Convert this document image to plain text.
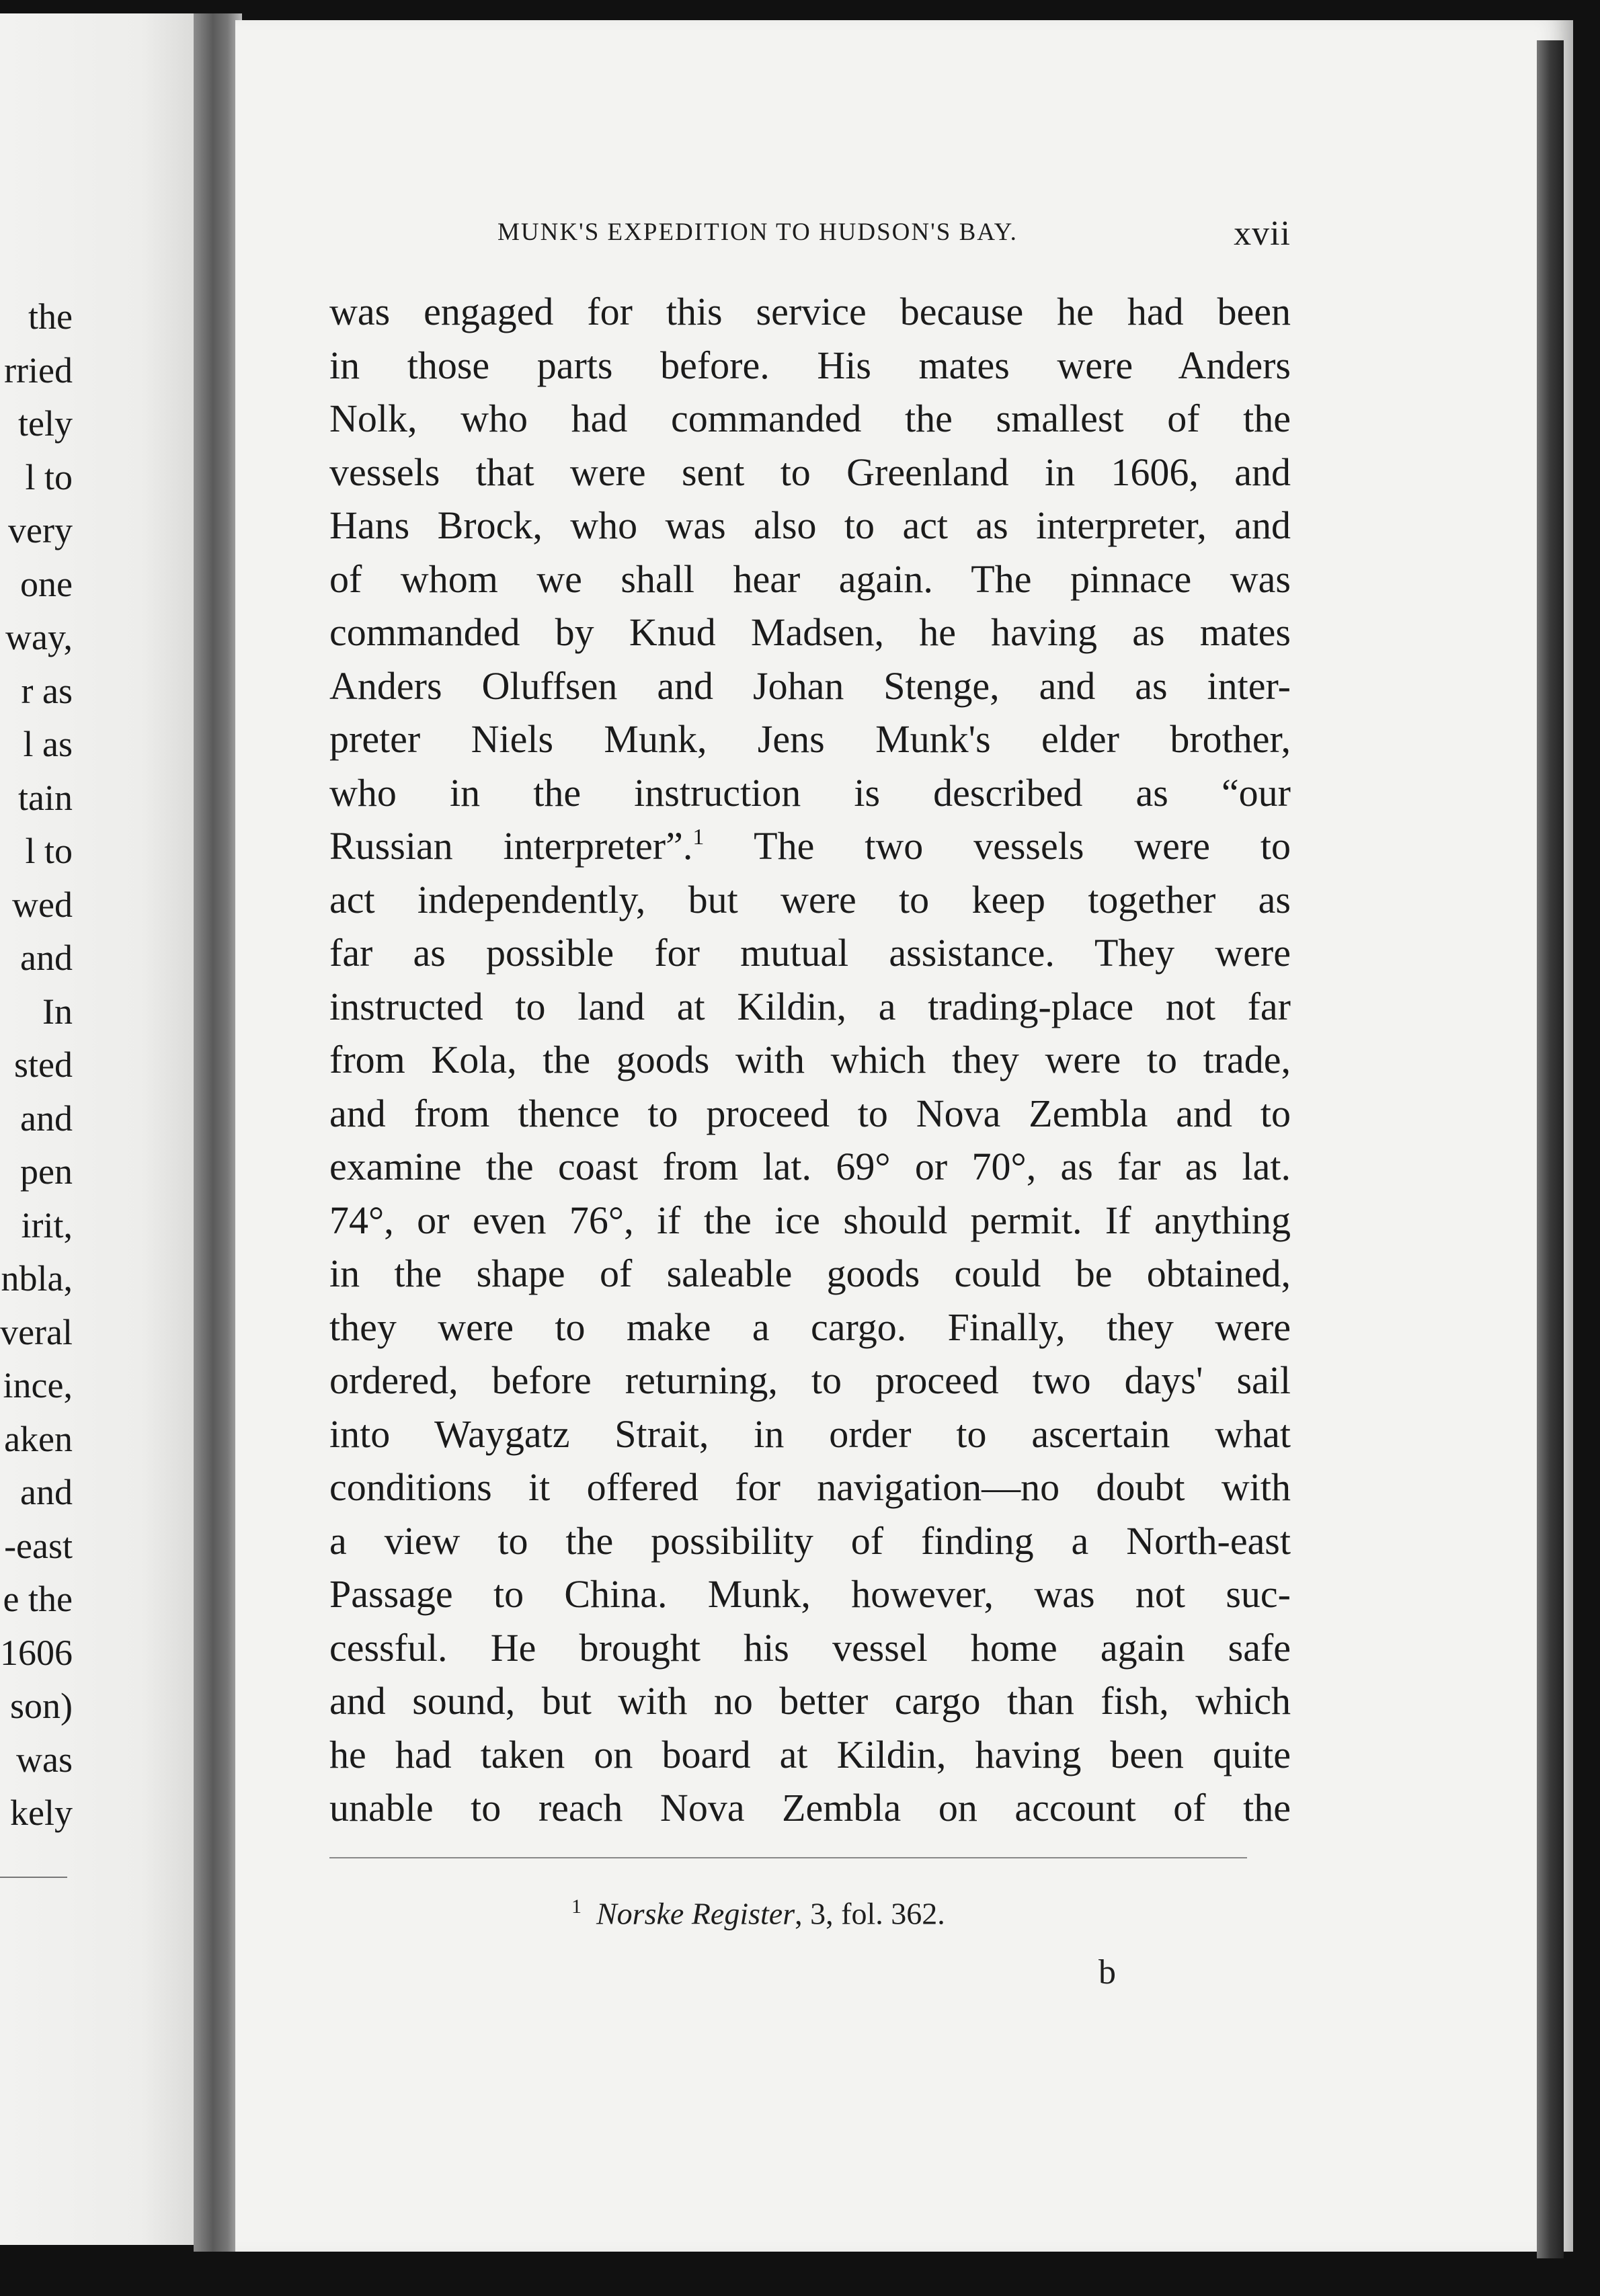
the
rried
tely
l to
very
one
way,
r as
l as
tain
l to
wed
and
In
sted
and
pen
irit,
nbla,
veral
ince,
aken
and
-east
e the
1606
son)
was
kely
MUNK'S EXPEDITION TO HUDSON'S BAY.	xvii
was engaged for this service because he had been
in those parts before. His mates were Anders
Nolk, who had commanded the smallest of the
vessels that were sent to Greenland in 1606, and
Hans Brock, who was also to act as interpreter, and
of whom we shall hear again. The pinnace was
commanded by Knud Madsen, he having as mates
Anders Oluffsen and Johan Stenge, and as inter-
preter Niels Munk, Jens Munk's elder brother,
who in the instruction is described as “our
Russian interpreter”.$^1$ The two vessels were to
act independently, but were to keep together as
far as possible for mutual assistance. They were
instructed to land at Kildin, a trading-place not far
from Kola, the goods with which they were to trade,
and from thence to proceed to Nova Zembla and to
examine the coast from lat. 69° or 70°, as far as lat.
74°, or even 76°, if the ice should permit. If anything
in the shape of saleable goods could be obtained,
they were to make a cargo. Finally, they were
ordered, before returning, to proceed two days' sail
into Waygatz Strait, in order to ascertain what
conditions it offered for navigation—no doubt with
a view to the possibility of finding a North-east
Passage to China. Munk, however, was not suc-
cessful. He brought his vessel home again safe
and sound, but with no better cargo than fish, which
he had taken on board at Kildin, having been quite
unable to reach Nova Zembla on account of the
$^1$ Norske Register, 3, fol. 362.
b
